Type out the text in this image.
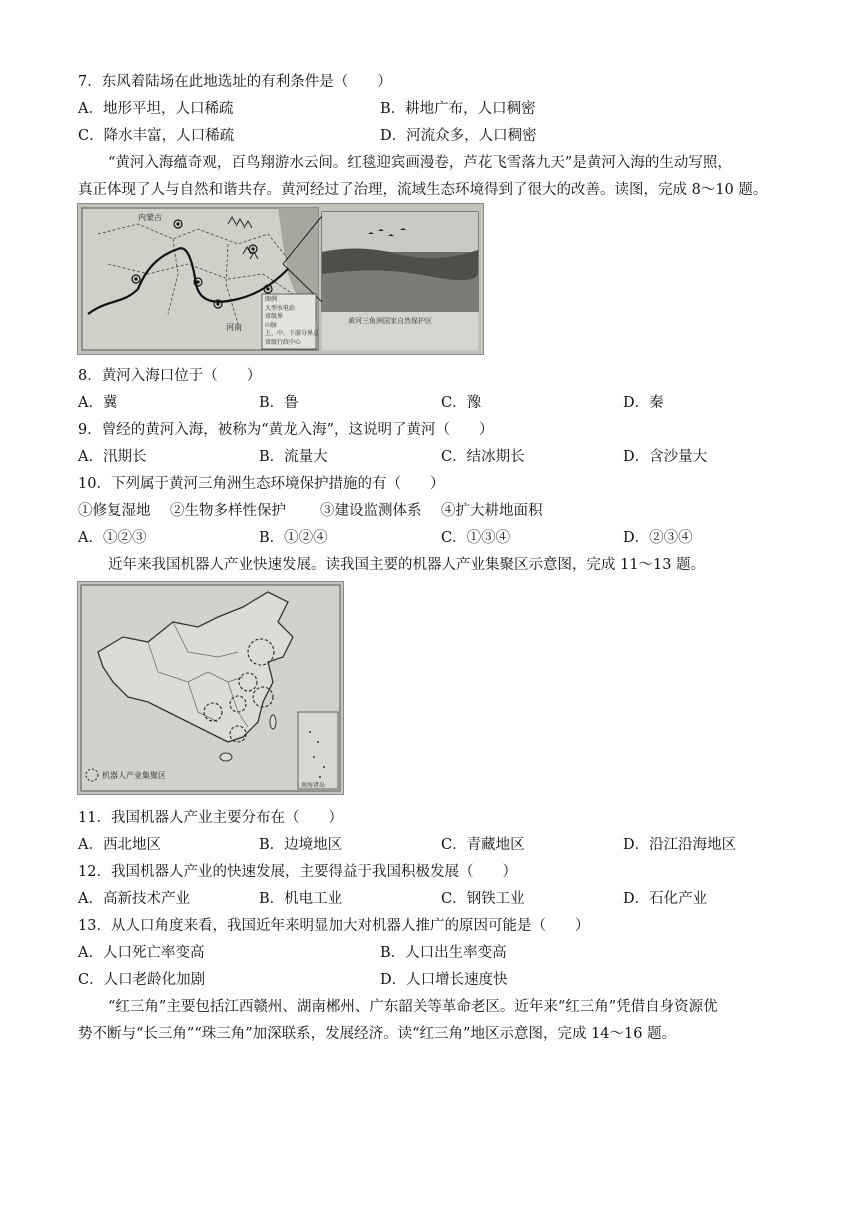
7．东风着陆场在此地选址的有利条件是（　　）
A．地形平坦，人口稀疏	B．耕地广布，人口稠密
C．降水丰富，人口稀疏	D．河流众多，人口稠密
“黄河入海蕴奇观，百鸟翔游水云间。红毯迎宾画漫卷，芦花飞雪落九天”是黄河入海的生动写照，
真正体现了人与自然和谐共存。黄河经过了治理，流域生态环境得到了很大的改善。读图，完成 8～10 题。
内蒙古
河南
图例
大型水电站
省级界
山脉
上、中、下游分界点
省级行政中心
黄河三角洲国家自然保护区
8．黄河入海口位于（　　）
A．冀	B．鲁	C．豫	D．秦
9．曾经的黄河入海，被称为“黄龙入海”，这说明了黄河（　　）
A．汛期长	B．流量大	C．结冰期长	D．含沙量大
10．下列属于黄河三角洲生态环境保护措施的有（　　）
①修复湿地 ②生物多样性保护 ③建设监测体系 ④扩大耕地面积
A．①②③	B．①②④	C．①③④	D．②③④
近年来我国机器人产业快速发展。读我国主要的机器人产业集聚区示意图，完成 11～13 题。
机器人产业集聚区
南海诸岛
11．我国机器人产业主要分布在（　　）
A．西北地区	B．边境地区	C．青藏地区	D．沿江沿海地区
12．我国机器人产业的快速发展，主要得益于我国积极发展（　　）
A．高新技术产业	B．机电工业	C．钢铁工业	D．石化产业
13．从人口角度来看，我国近年来明显加大对机器人推广的原因可能是（　　）
A．人口死亡率变高	B．人口出生率变高
C．人口老龄化加剧	D．人口增长速度快
“红三角”主要包括江西赣州、湖南郴州、广东韶关等革命老区。近年来“红三角”凭借自身资源优
势不断与“长三角”“珠三角”加深联系，发展经济。读“红三角”地区示意图，完成 14～16 题。
